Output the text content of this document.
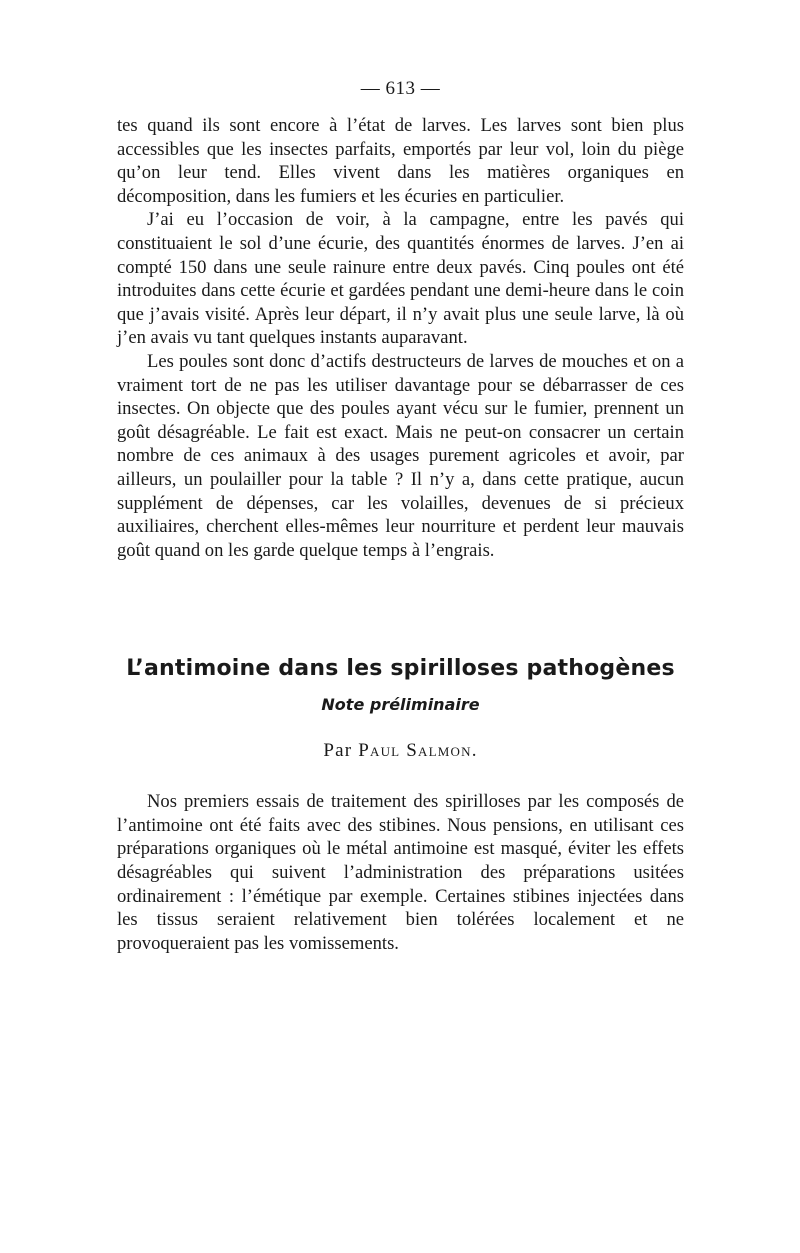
— 613 —

tes quand ils sont encore à l’état de larves. Les larves sont bien plus accessibles que les insectes parfaits, emportés par leur vol, loin du piège qu’on leur tend. Elles vivent dans les matières organiques en décomposition, dans les fumiers et les écuries en particulier.

J’ai eu l’occasion de voir, à la campagne, entre les pavés qui constituaient le sol d’une écurie, des quantités énormes de larves. J’en ai compté 150 dans une seule rainure entre deux pavés. Cinq poules ont été introduites dans cette écurie et gardées pendant une demi-heure dans le coin que j’avais visité. Après leur départ, il n’y avait plus une seule larve, là où j’en avais vu tant quelques instants auparavant.

Les poules sont donc d’actifs destructeurs de larves de mouches et on a vraiment tort de ne pas les utiliser davantage pour se débarrasser de ces insectes. On objecte que des poules ayant vécu sur le fumier, prennent un goût désagréable. Le fait est exact. Mais ne peut-on consacrer un certain nombre de ces animaux à des usages purement agricoles et avoir, par ailleurs, un poulailler pour la table ? Il n’y a, dans cette pratique, aucun supplément de dépenses, car les volailles, devenues de si précieux auxiliaires, cherchent elles-mêmes leur nourriture et perdent leur mauvais goût quand on les garde quelque temps à l’engrais.

L’antimoine dans les spirilloses pathogènes
Note préliminaire
Par Paul Salmon.

Nos premiers essais de traitement des spirilloses par les composés de l’antimoine ont été faits avec des stibines. Nous pensions, en utilisant ces préparations organiques où le métal antimoine est masqué, éviter les effets désagréables qui suivent l’administration des préparations usitées ordinairement : l’émétique par exemple. Certaines stibines injectées dans les tissus seraient relativement bien tolérées localement et ne provoqueraient pas les vomissements.
